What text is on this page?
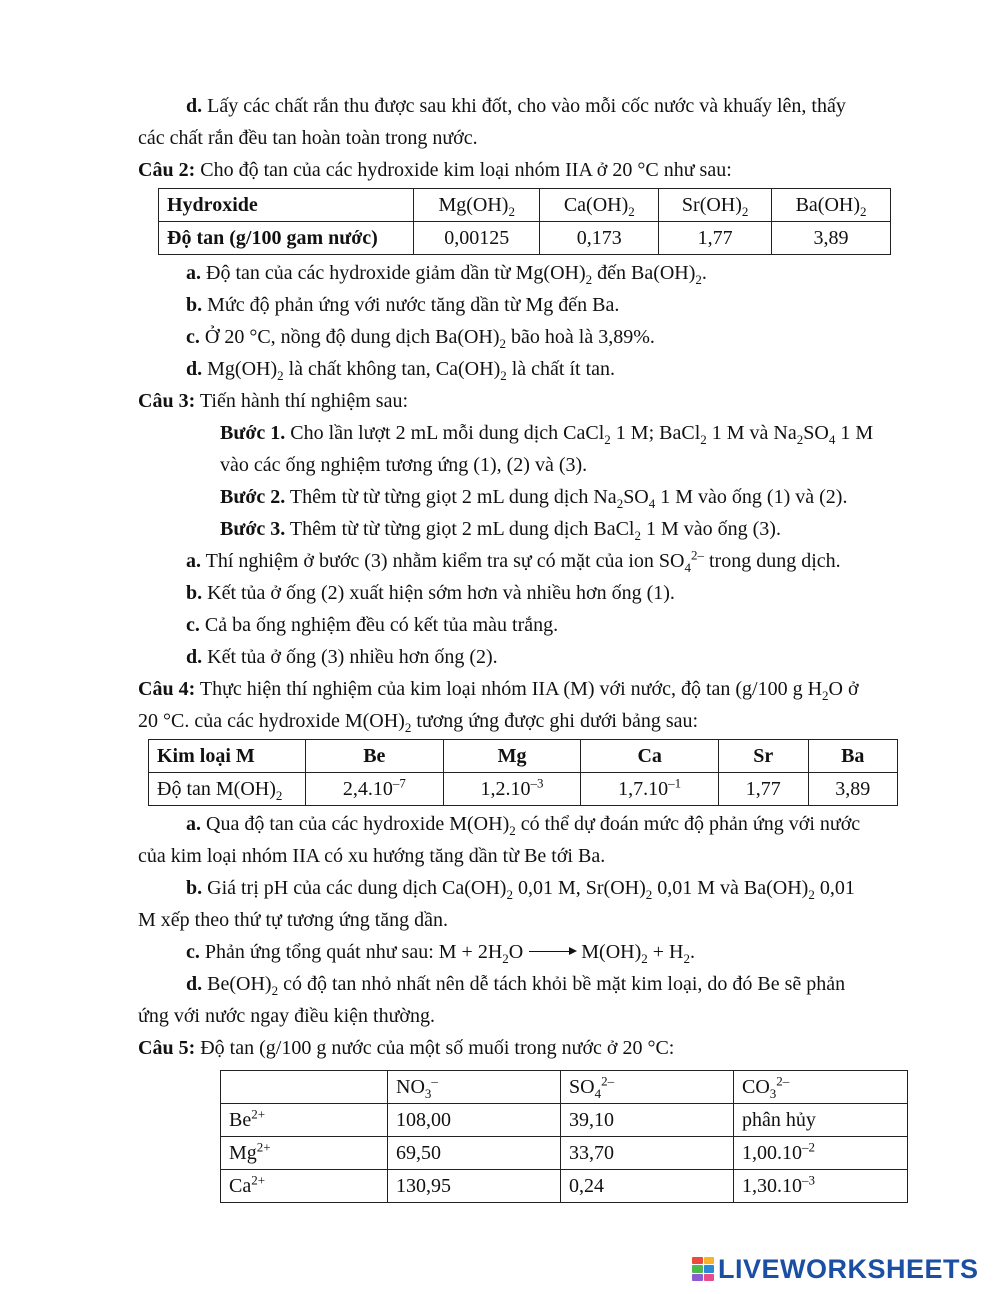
d. Lấy các chất rắn thu được sau khi đốt, cho vào mỗi cốc nước và khuấy lên, thấy

các chất rắn đều tan hoàn toàn trong nước.

Câu 2: Cho độ tan của các hydroxide kim loại nhóm IIA ở 20 °C như sau:

Hydroxide	$Mg(OH)_2$	$Ca(OH)_2$	$Sr(OH)_2$	$Ba(OH)_2$
Độ tan (g/100 gam nước)	0,00125	0,173	1,77	3,89

a. Độ tan của các hydroxide giảm dần từ $Mg(OH)_2$ đến $Ba(OH)_2$.

b. Mức độ phản ứng với nước tăng dần từ Mg đến Ba.

c. Ở 20 °C, nồng độ dung dịch $Ba(OH)_2$ bão hoà là 3,89%.

d. $Mg(OH)_2$ là chất không tan, $Ca(OH)_2$ là chất ít tan.

Câu 3: Tiến hành thí nghiệm sau:

Bước 1. Cho lần lượt 2 mL mỗi dung dịch CaCl$_2$ 1 M; BaCl$_2$ 1 M và $Na_2SO_4$ 1 M

vào các ống nghiệm tương ứng (1), (2) và (3).

Bước 2. Thêm từ từ từng giọt 2 mL dung dịch $Na_2SO_4$ 1 M vào ống (1) và (2).

Bước 3. Thêm từ từ từng giọt 2 mL dung dịch BaCl$_2$ 1 M vào ống (3).

a. Thí nghiệm ở bước (3) nhằm kiểm tra sự có mặt của ion $SO_4^{2-}$ trong dung dịch.

b. Kết tủa ở ống (2) xuất hiện sớm hơn và nhiều hơn ống (1).

c. Cả ba ống nghiệm đều có kết tủa màu trắng.

d. Kết tủa ở ống (3) nhiều hơn ống (2).

Câu 4: Thực hiện thí nghiệm của kim loại nhóm IIA (M) với nước, độ tan (g/100 g $H_2O$ ở

20 °C. của các hydroxide $M(OH)_2$ tương ứng được ghi dưới bảng sau:

Kim loại M	Be	Mg	Ca	Sr	Ba
Độ $\tan M(OH)_2$	$2,4.10^{-7}$	$1,2.10^{-3}$	$1,7.10^{-1}$	1,77	3,89

a. Qua độ tan của các hydroxide $M(OH)_2$ có thể dự đoán mức độ phản ứng với nước

của kim loại nhóm IIA có xu hướng tăng dần từ Be tới Ba.

b. Giá trị pH của các dung dịch $Ca(OH)_2$ 0,01 M, $Sr(OH)_2$ 0,01 M và $Ba(OH)_2$ 0,01

M xếp theo thứ tự tương ứng tăng dần.

c. Phản ứng tổng quát như sau: $M + 2H_2O$	$M(OH)_2 + H_2$.

d. $Be(OH)_2$ có độ tan nhỏ nhất nên dễ tách khỏi bề mặt kim loại, do đó Be sẽ phản

ứng với nước ngay điều kiện thường.

Câu 5: Độ tan (g/100 g nước của một số muối trong nước ở 20 °C:

	$NO_3^-$	$SO_4^{2-}$	$CO_3^{2-}$
$Be^{2+}$	108,00	39,10	phân hủy
$Mg^{2+}$	69,50	33,70	$1,00.10^{-2}$
$Ca^{2+}$	130,95	0,24	$1,30.10^{-3}$
LIVEWORKSHEETS
